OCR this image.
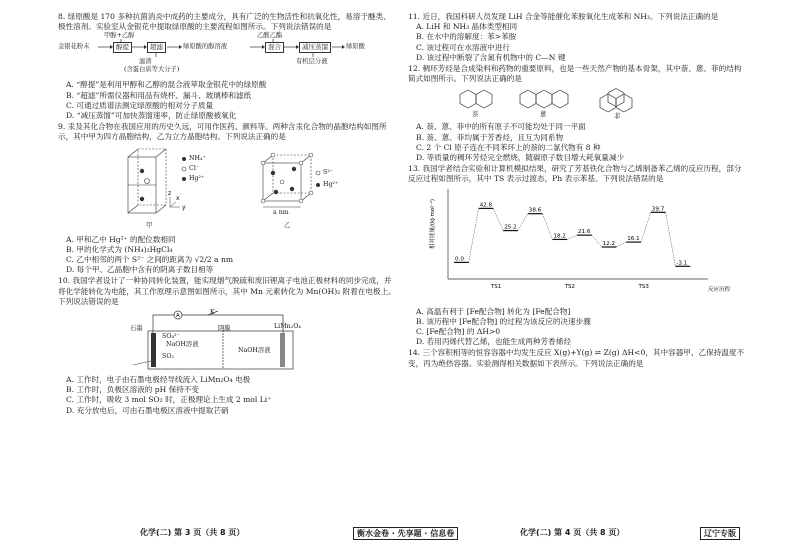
8. 绿原酸是 170 多种抗菌消炎中成药的主要成分，具有广泛的生物活性和抗氧化性，易溶于醚类、极性溶剂。实验室从金银花中提取绿原酸的主要流程如图所示。下列说法错误的是
金银花粉末
甲醇+乙醇
醇提	超滤	绿原酸的醇溶液
滤渣
(含蛋白质等大分子)
乙酸乙酯
混合	减压蒸馏	绿原酸
有机层分液
A. “醇提”是利用甲醇和乙醇的混合液萃取金银花中的绿原酸
B. “超滤”所需仪器和用品有烧杯、漏斗、玻璃棒和滤纸
C. 可通过质谱法测定绿原酸的相对分子质量
D. “减压蒸馏”可加快蒸馏速率，防止绿原酸被氧化
9. 汞及其化合物在我国应用的历史久远，可用作医药、颜料等。两种含汞化合物的晶胞结构如图所示，其中甲为四方晶胞结构，乙为立方晶胞结构。下列说法正确的是
y
z
x
NH₄⁺
Cl⁻
Hg²⁺
S²⁻
Hg²⁺
a nm
甲	乙
A. 甲和乙中 Hg²⁺ 的配位数相同
B. 甲的化学式为 (NH₄)₂HgCl₄
C. 乙中相邻的两个 S²⁻ 之间的距离为 √2/2 a nm
D. 每个甲、乙晶胞中含有的阴离子数目相等
10. 我国学者设计了一种协同转化装置，能实现烟气脱硫和废旧锂离子电池正极材料的同步完成，并将化学能转化为电能，其工作原理示意图如图所示，其中 Mn 元素转化为 Mn(OH)₂ 附着在电极上。下列说法错误的是
A
石墨	阴膜	LiMn₂O₄
K
NaOH溶液
NaOH溶液
SO₂
SO₄²⁻
A. 工作时，电子由石墨电极经导线流入 LiMn₂O₄ 电极
B. 工作时，负极区溶液的 pH 保持不变
C. 工作时，吸收 3 mol SO₂ 时，正极理论上生成 2 mol Li⁺
D. 充分放电后，可由石墨电极区溶液中提取芒硝
11. 近日，我国科研人员发现 LiH 合金等能催化苯胺氧化生成苯和 NH₃。下列说法正确的是
A. LiH 和 NH₃ 晶体类型相同
B. 在水中的溶解度：苯>苯胺
C. 该过程可在水溶液中进行
D. 该过程中断裂了含氮有机物中的 C—N 键
12. 稠环芳烃是合成染料和药物的重要原料，也是一些天然产物的基本骨架，其中萘、蒽、菲的结构简式如图所示。下列说法正确的是
萘	蒽	菲
A. 萘、蒽、菲中的所有原子不可能均处于同一平面
B. 萘、蒽、菲均属于芳香烃，且互为同系物
C. 2 个 Cl 原子连在不同苯环上的萘的二氯代物有 8 种
D. 等质量的稠环芳烃完全燃烧，随碳原子数目增大耗氧量减少
13. 我国学者结合实验和计算机模拟结果，研究了芳基铁化合物与乙烯制备苯乙烯的反应历程，部分反应过程如图所示，其中 TS 表示过渡态，Ph 表示苯基。下列说法错误的是
相对能量/(kJ·mol⁻¹)
反应历程
0.0
42.8
25.2
38.6
18.2
21.6
12.2
16.1
39.7
-3.1
TS1	TS2	TS3
A. 高温有利于 [Fe配合物] 转化为 [Fe配合物]
B. 该历程中 [Fe配合物] 的过程为该反应的决速步骤
C. [Fe配合物] 的 ΔH>0
D. 若用丙烯代替乙烯，也能生成两种芳香烯烃
14. 三个容积相等的恒容容器中均发生反应 X(g)+Y(g) ⇌ Z(g) ΔH<0，其中容器甲、乙保持温度不变，丙为绝热容器。实验测得相关数据如下表所示。下列说法正确的是
化学(二) 第 3 页（共 8 页）	衡水金卷 · 先享题 · 信息卷	化学(二) 第 4 页（共 8 页）	辽宁专版
